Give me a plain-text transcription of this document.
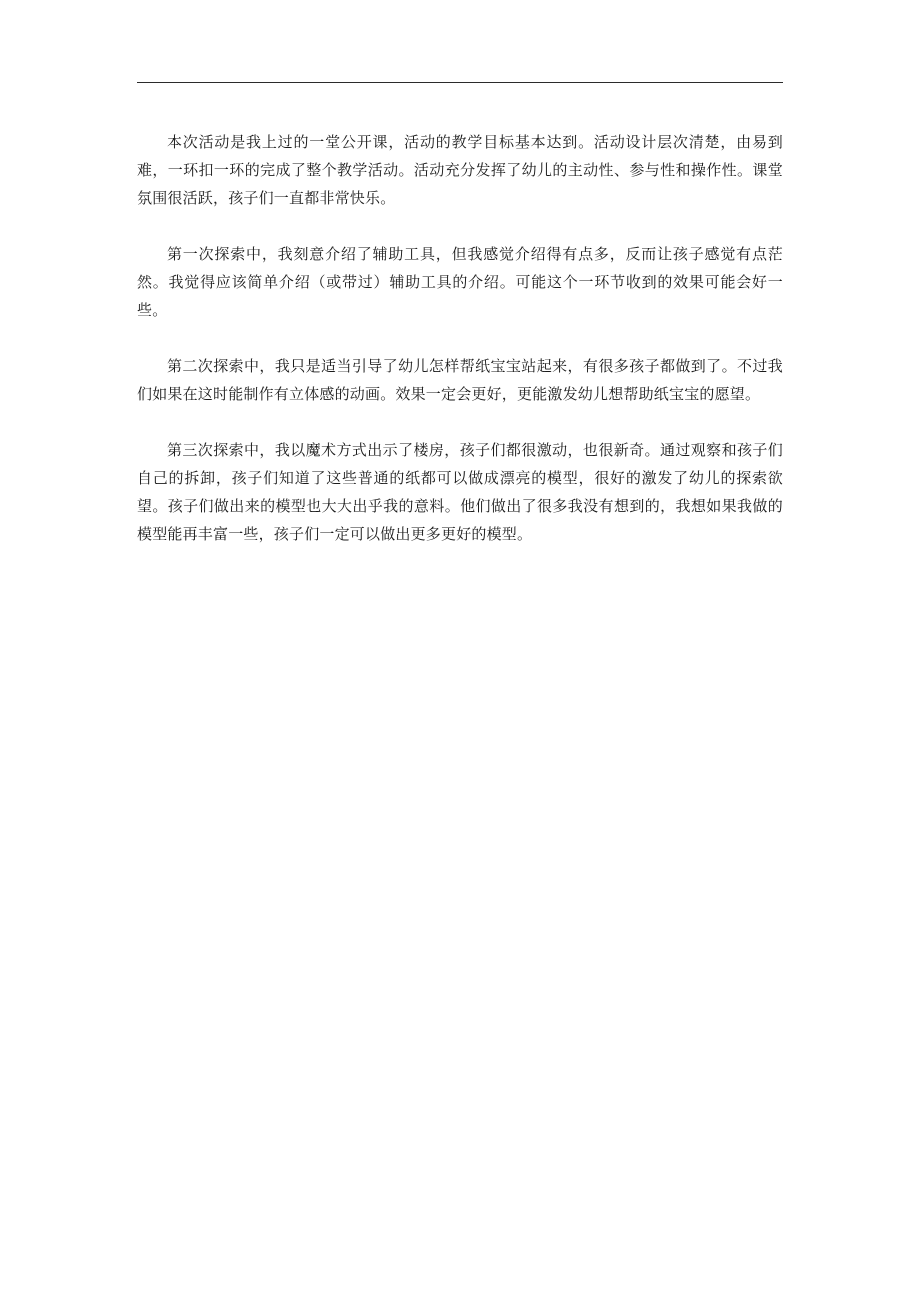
本次活动是我上过的一堂公开课，活动的教学目标基本达到。活动设计层次清楚，由易到难，一环扣一环的完成了整个教学活动。活动充分发挥了幼儿的主动性、参与性和操作性。课堂氛围很活跃，孩子们一直都非常快乐。

第一次探索中，我刻意介绍了辅助工具，但我感觉介绍得有点多，反而让孩子感觉有点茫然。我觉得应该简单介绍（或带过）辅助工具的介绍。可能这个一环节收到的效果可能会好一些。

第二次探索中，我只是适当引导了幼儿怎样帮纸宝宝站起来，有很多孩子都做到了。不过我们如果在这时能制作有立体感的动画。效果一定会更好，更能激发幼儿想帮助纸宝宝的愿望。

第三次探索中，我以魔术方式出示了楼房，孩子们都很激动，也很新奇。通过观察和孩子们自己的拆卸，孩子们知道了这些普通的纸都可以做成漂亮的模型，很好的激发了幼儿的探索欲望。孩子们做出来的模型也大大出乎我的意料。他们做出了很多我没有想到的，我想如果我做的模型能再丰富一些，孩子们一定可以做出更多更好的模型。
